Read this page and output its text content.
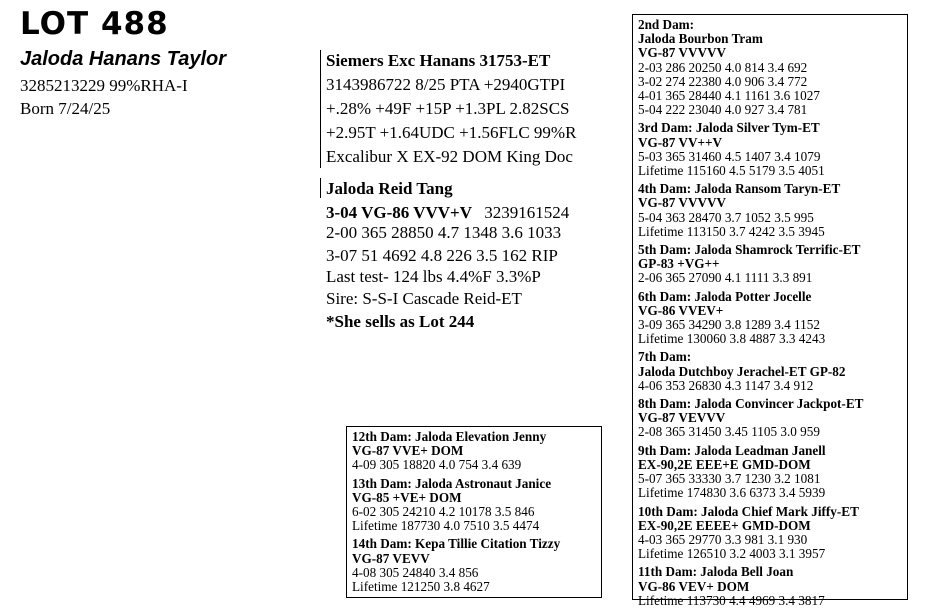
LOT 488
Jaloda Hanans Taylor
3285213229 99%RHA-I
Born 7/24/25
Siemers Exc Hanans 31753-ET
3143986722 8/25 PTA +2940GTPI
+.28% +49F +15P +1.3PL 2.82SCS
+2.95T +1.64UDC +1.56FLC 99%R
Excalibur X EX-92 DOM King Doc
Jaloda Reid Tang
3-04 VG-86 VVV+V 3239161524
2-00 365 28850 4.7 1348 3.6 1033
3-07 51 4692 4.8 226 3.5 162 RIP
Last test- 124 lbs 4.4%F 3.3%P
Sire: S-S-I Cascade Reid-ET
*She sells as Lot 244
2nd Dam:
Jaloda Bourbon Tram
VG-87 VVVVV
2-03 286 20250 4.0 814 3.4 692
3-02 274 22380 4.0 906 3.4 772
4-01 365 28440 4.1 1161 3.6 1027
5-04 222 23040 4.0 927 3.4 781
3rd Dam: Jaloda Silver Tym-ET
VG-87 VV++V
5-03 365 31460 4.5 1407 3.4 1079
Lifetime 115160 4.5 5179 3.5 4051
4th Dam: Jaloda Ransom Taryn-ET
VG-87 VVVVV
5-04 363 28470 3.7 1052 3.5 995
Lifetime 113150 3.7 4242 3.5 3945
5th Dam: Jaloda Shamrock Terrific-ET
GP-83 +VG++
2-06 365 27090 4.1 1111 3.3 891
6th Dam: Jaloda Potter Jocelle
VG-86 VVEV+
3-09 365 34290 3.8 1289 3.4 1152
Lifetime 130060 3.8 4887 3.3 4243
7th Dam:
Jaloda Dutchboy Jerachel-ET GP-82
4-06 353 26830 4.3 1147 3.4 912
8th Dam: Jaloda Convincer Jackpot-ET
VG-87 VEVVV
2-08 365 31450 3.45 1105 3.0 959
9th Dam: Jaloda Leadman Janell
EX-90,2E EEE+E GMD-DOM
5-07 365 33330 3.7 1230 3.2 1081
Lifetime 174830 3.6 6373 3.4 5939
10th Dam: Jaloda Chief Mark Jiffy-ET
EX-90,2E EEEE+ GMD-DOM
4-03 365 29770 3.3 981 3.1 930
Lifetime 126510 3.2 4003 3.1 3957
11th Dam: Jaloda Bell Joan
VG-86 VEV+ DOM
Lifetime 113730 4.4 4969 3.4 3817
12th Dam: Jaloda Elevation Jenny
VG-87 VVE+ DOM
4-09 305 18820 4.0 754 3.4 639
13th Dam: Jaloda Astronaut Janice
VG-85 +VE+ DOM
6-02 305 24210 4.2 10178 3.5 846
Lifetime 187730 4.0 7510 3.5 4474
14th Dam: Kepa Tillie Citation Tizzy
VG-87 VEVV
4-08 305 24840 3.4 856
Lifetime 121250 3.8 4627
